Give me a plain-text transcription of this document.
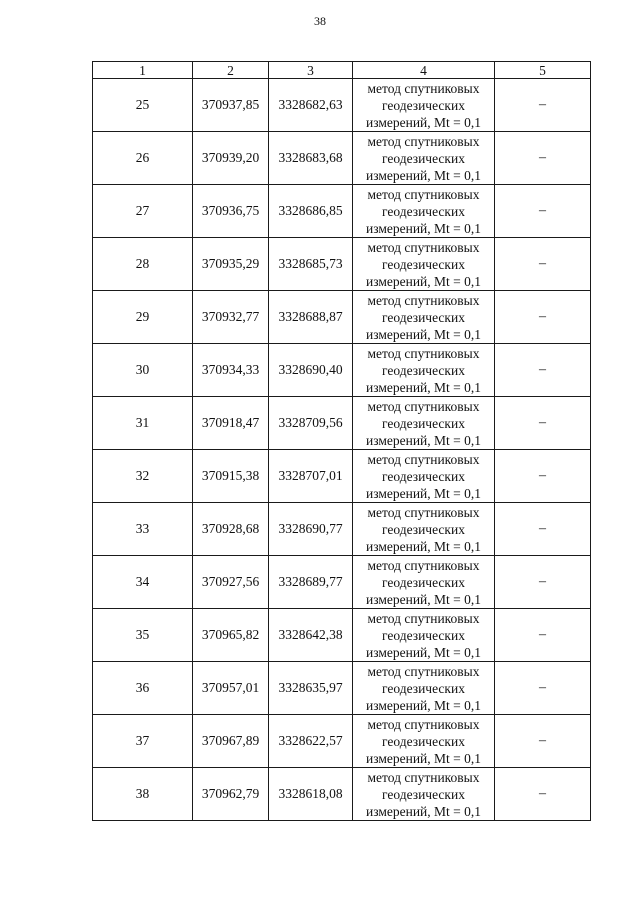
38
1	2	3	4	5
25	370937,85	3328682,63	метод спутниковых
геодезических
измерений, Mt = 0,1	–
26	370939,20	3328683,68	метод спутниковых
геодезических
измерений, Mt = 0,1	–
27	370936,75	3328686,85	метод спутниковых
геодезических
измерений, Mt = 0,1	–
28	370935,29	3328685,73	метод спутниковых
геодезических
измерений, Mt = 0,1	–
29	370932,77	3328688,87	метод спутниковых
геодезических
измерений, Mt = 0,1	–
30	370934,33	3328690,40	метод спутниковых
геодезических
измерений, Mt = 0,1	–
31	370918,47	3328709,56	метод спутниковых
геодезических
измерений, Mt = 0,1	–
32	370915,38	3328707,01	метод спутниковых
геодезических
измерений, Mt = 0,1	–
33	370928,68	3328690,77	метод спутниковых
геодезических
измерений, Mt = 0,1	–
34	370927,56	3328689,77	метод спутниковых
геодезических
измерений, Mt = 0,1	–
35	370965,82	3328642,38	метод спутниковых
геодезических
измерений, Mt = 0,1	–
36	370957,01	3328635,97	метод спутниковых
геодезических
измерений, Mt = 0,1	–
37	370967,89	3328622,57	метод спутниковых
геодезических
измерений, Mt = 0,1	–
38	370962,79	3328618,08	метод спутниковых
геодезических
измерений, Mt = 0,1	–
